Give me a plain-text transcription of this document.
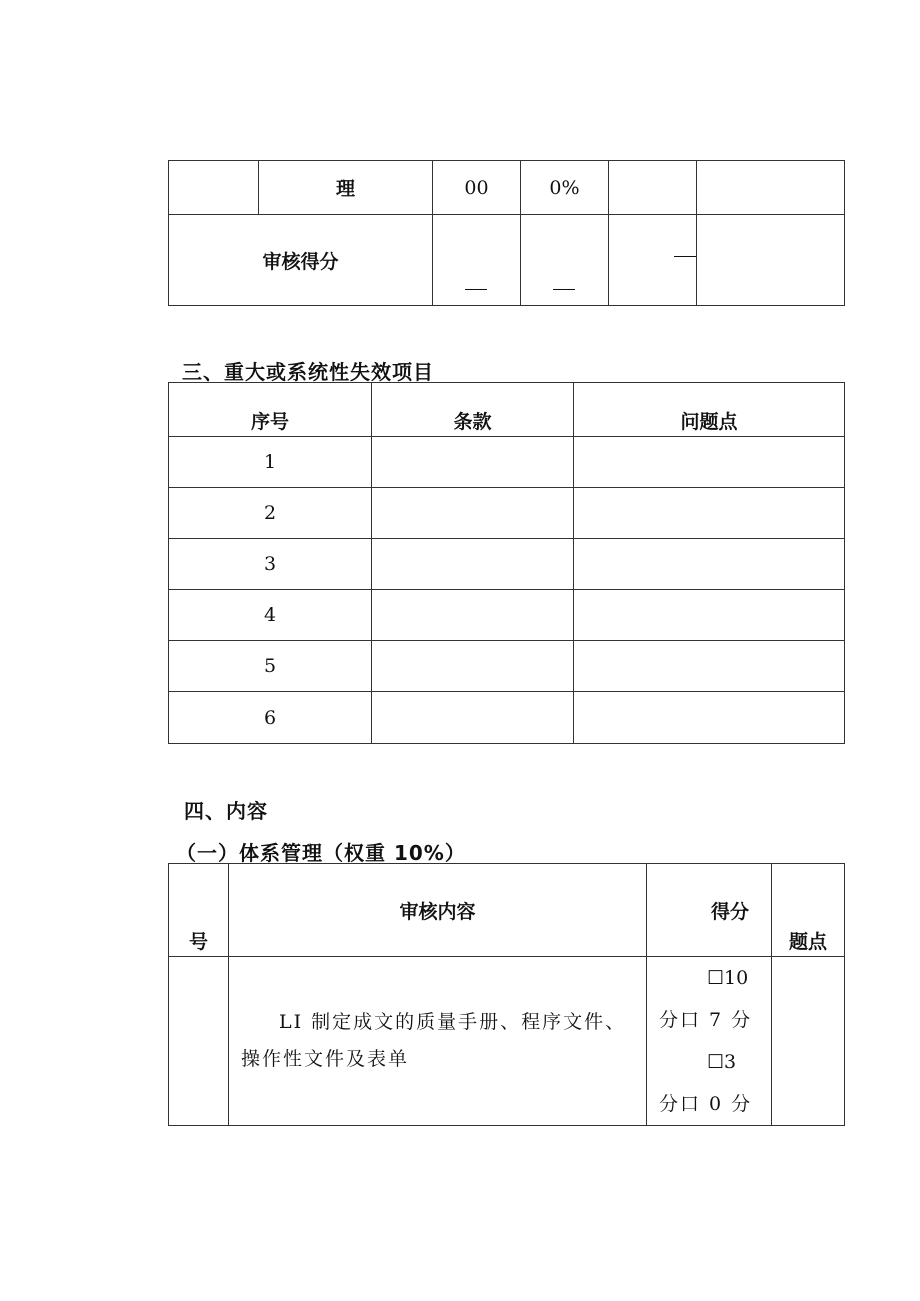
	理	00	0%		
审核得分					
三、重大或系统性失效项目
序号	条款	问题点
1		
2		
3		
4		
5		
6		
四、内容
（一）体系管理（权重 10%）
号	审核内容	得分	题点

	LI 制定成文的质量手册、程序文件、操作性文件及表单	☐10
分口 7 分
☐3
分口 0 分	
